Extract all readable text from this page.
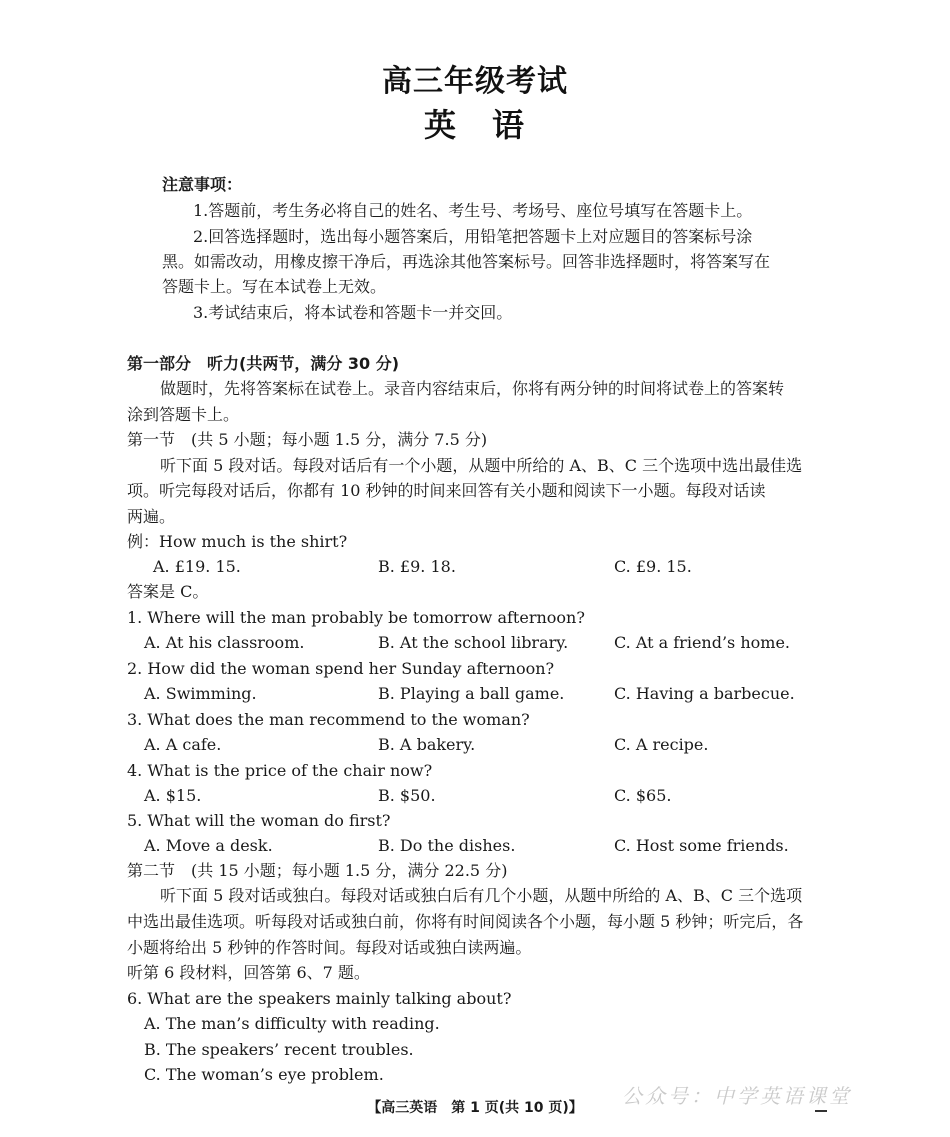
高三年级考试
英　语
注意事项：
1.答题前，考生务必将自己的姓名、考生号、考场号、座位号填写在答题卡上。
2.回答选择题时，选出每小题答案后，用铅笔把答题卡上对应题目的答案标号涂
黑。如需改动，用橡皮擦干净后，再选涂其他答案标号。回答非选择题时，将答案写在
答题卡上。写在本试卷上无效。
3.考试结束后，将本试卷和答题卡一并交回。
第一部分　听力(共两节，满分 30 分)
做题时，先将答案标在试卷上。录音内容结束后，你将有两分钟的时间将试卷上的答案转
涂到答题卡上。
第一节　(共 5 小题；每小题 1.5 分，满分 7.5 分)
听下面 5 段对话。每段对话后有一个小题，从题中所给的 A、B、C 三个选项中选出最佳选
项。听完每段对话后，你都有 10 秒钟的时间来回答有关小题和阅读下一小题。每段对话读
两遍。
例：How much is the shirt?
A. £19. 15.	B. £9. 18.	C. £9. 15.
答案是 C。
1. Where will the man probably be tomorrow afternoon?
A. At his classroom.	B. At the school library.	C. At a friend’s home.
2. How did the woman spend her Sunday afternoon?
A. Swimming.	B. Playing a ball game.	C. Having a barbecue.
3. What does the man recommend to the woman?
A. A cafe.	B. A bakery.	C. A recipe.
4. What is the price of the chair now?
A. $15.	B. $50.	C. $65.
5. What will the woman do first?
A. Move a desk.	B. Do the dishes.	C. Host some friends.
第二节　(共 15 小题；每小题 1.5 分，满分 22.5 分)
听下面 5 段对话或独白。每段对话或独白后有几个小题，从题中所给的 A、B、C 三个选项
中选出最佳选项。听每段对话或独白前，你将有时间阅读各个小题，每小题 5 秒钟；听完后，各
小题将给出 5 秒钟的作答时间。每段对话或独白读两遍。
听第 6 段材料，回答第 6、7 题。
6. What are the speakers mainly talking about?
A. The man’s difficulty with reading.
B. The speakers’ recent troubles.
C. The woman’s eye problem.
公众号：中学英语课堂
【高三英语　第 1 页(共 10 页)】
